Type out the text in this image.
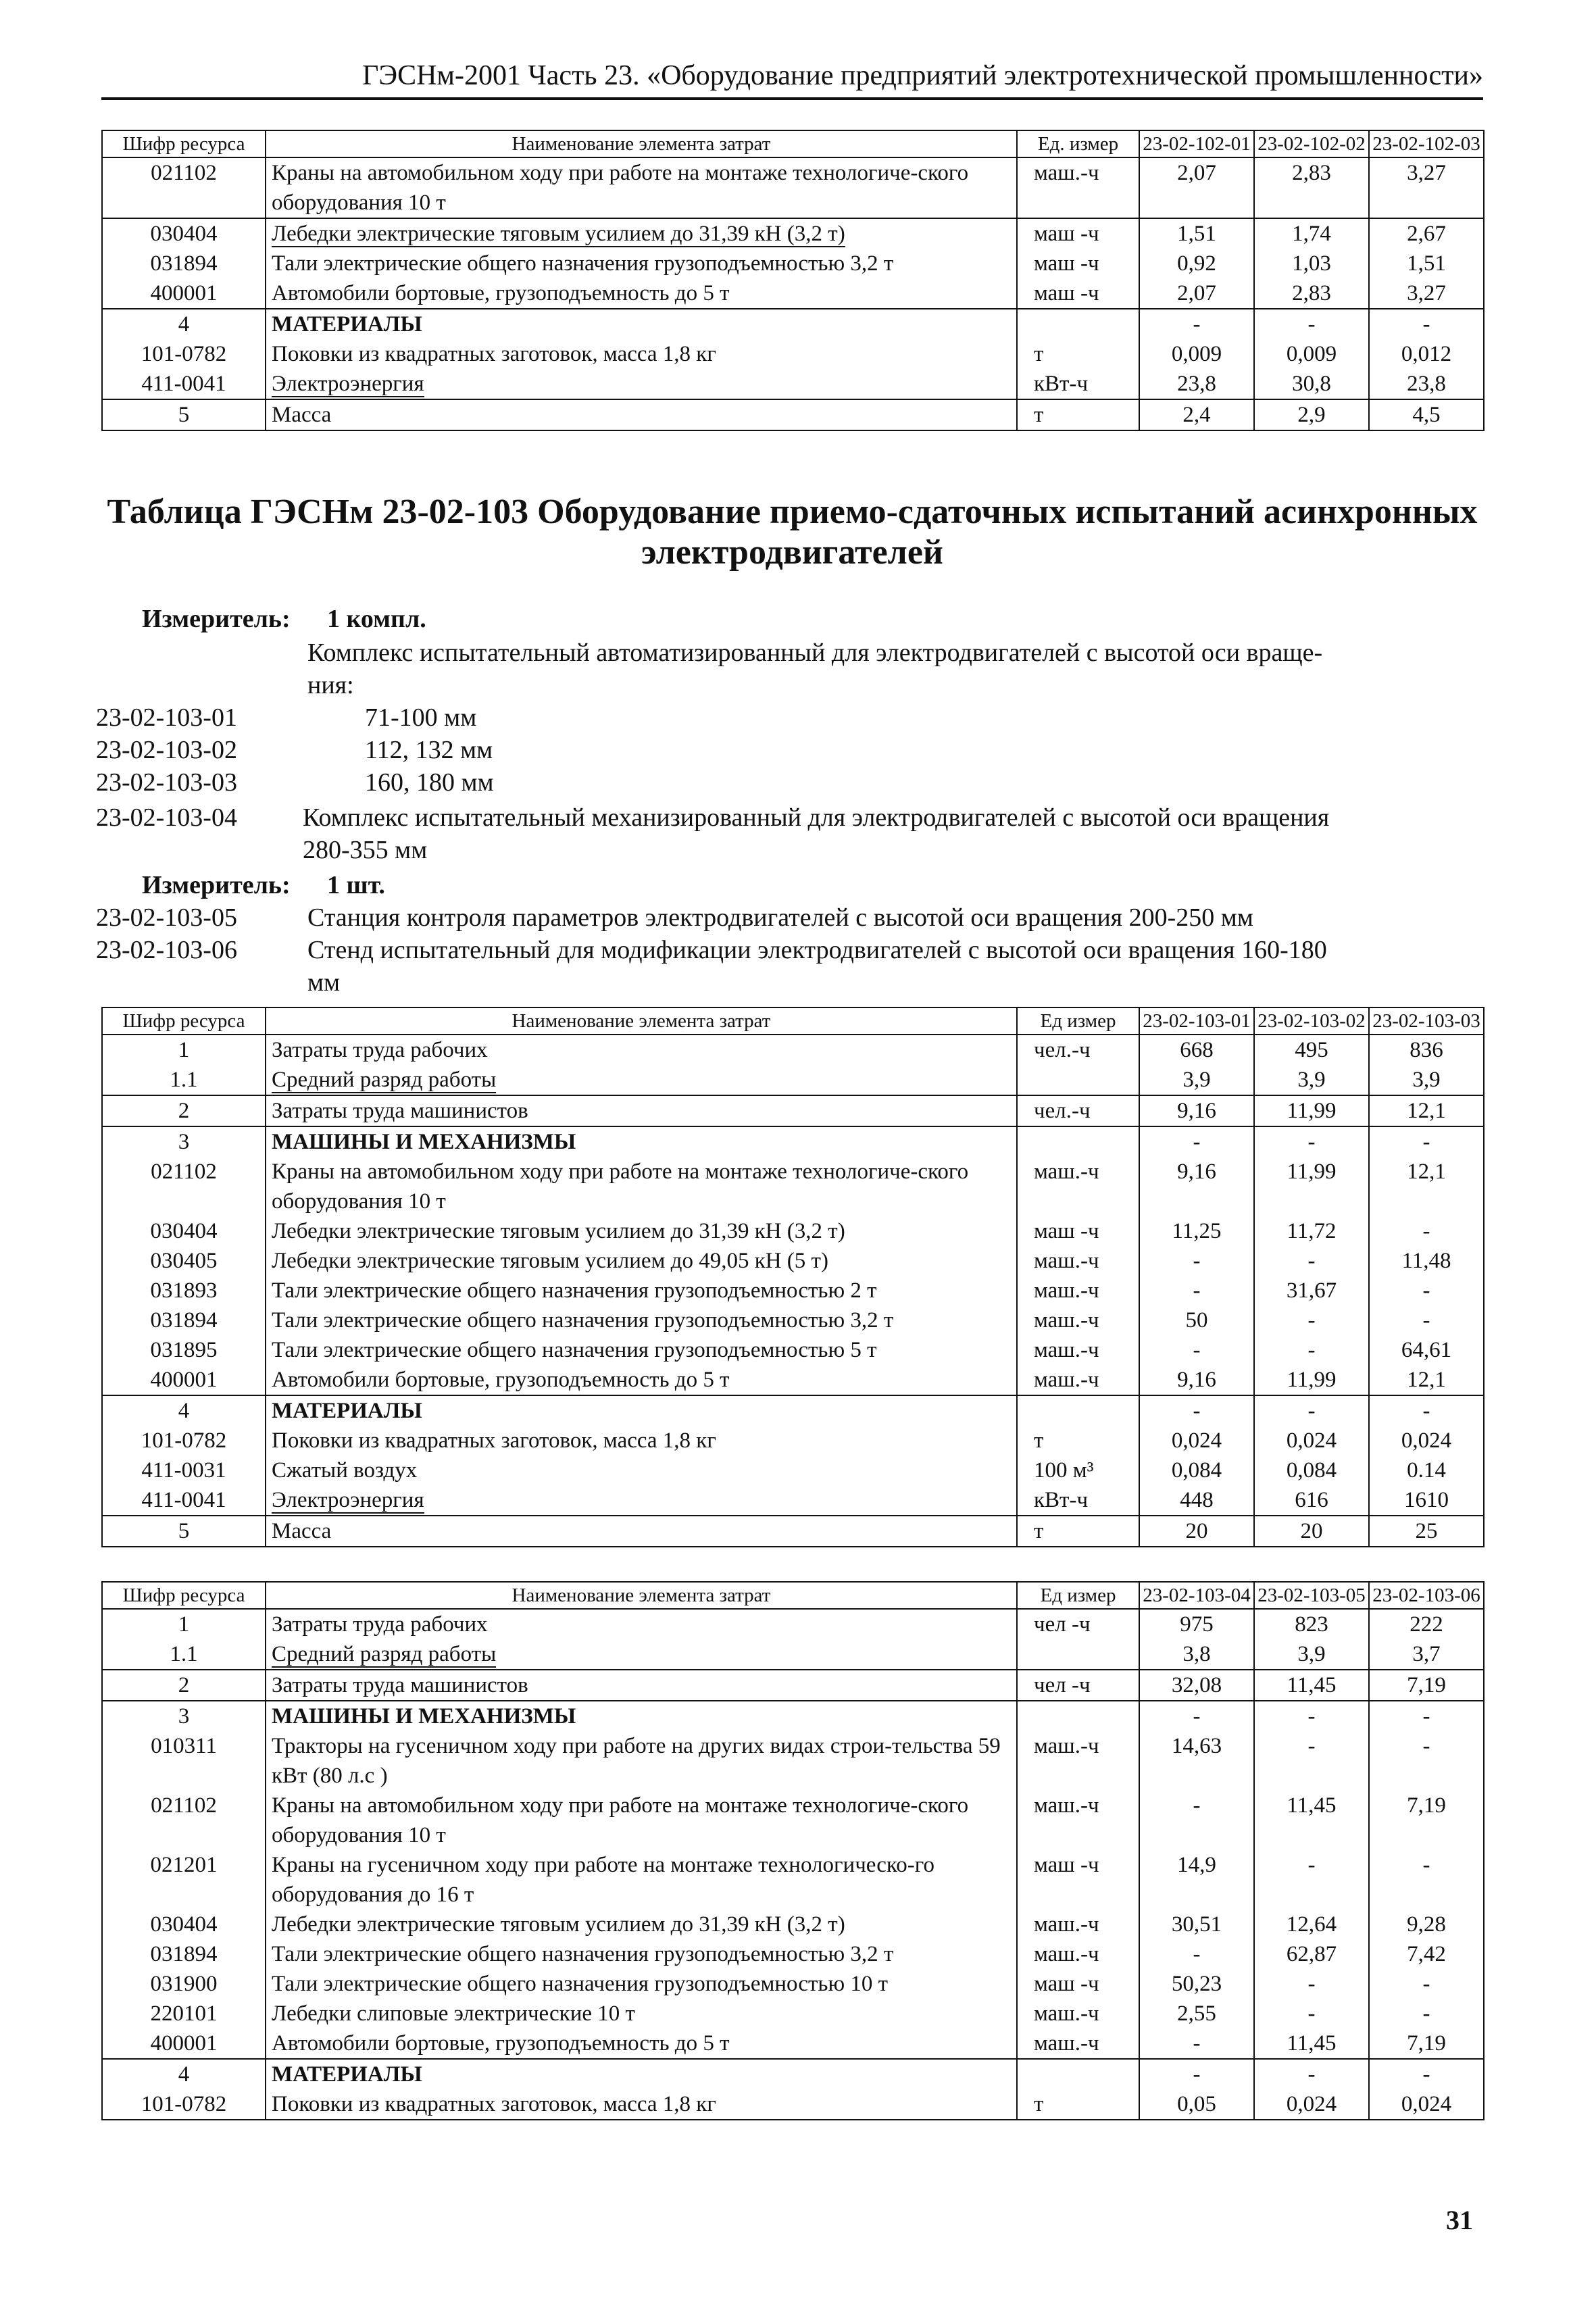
ГЭСНм-2001 Часть 23. «Оборудование предприятий электротехнической промышленности»
Шифр ресурса	Наименование элемента затрат	Ед. измер	23-02-102-01	23-02-102-02	23-02-102-03
021102	Краны на автомобильном ходу при работе на монтаже технологиче-ского оборудования 10 т	маш.-ч	2,07	2,83	3,27
030404	Лебедки электрические тяговым усилием до 31,39 кН (3,2 т)	маш -ч	1,51	1,74	2,67
031894	Тали электрические общего назначения грузоподъемностью 3,2 т	маш -ч	0,92	1,03	1,51
400001	Автомобили бортовые, грузоподъемность до 5 т	маш -ч	2,07	2,83	3,27
4	МАТЕРИАЛЫ		-	-	-
101-0782	Поковки из квадратных заготовок, масса 1,8 кг	т	0,009	0,009	0,012
411-0041	Электроэнергия	кВт-ч	23,8	30,8	23,8
5	Масса	т	2,4	2,9	4,5
Таблица ГЭСНм 23-02-103 Оборудование приемо-сдаточных испытаний асинхронных
электродвигателей
Измеритель: 1 компл.
Комплекс испытательный автоматизированный для электродвигателей с высотой оси враще-
ния:
23-02-103-01	71-100 мм
23-02-103-02	112, 132 мм
23-02-103-03	160, 180 мм
23-02-103-04	Комплекс испытательный механизированный для электродвигателей с высотой оси вращения
280-355 мм
Измеритель: 1 шт.
23-02-103-05	Станция контроля параметров электродвигателей с высотой оси вращения 200-250 мм
23-02-103-06	Стенд испытательный для модификации электродвигателей с высотой оси вращения 160-180
мм
Шифр ресурса	Наименование элемента затрат	Ед измер	23-02-103-01	23-02-103-02	23-02-103-03
1	Затраты труда рабочих	чел.-ч	668	495	836
1.1	Средний разряд работы		3,9	3,9	3,9
2	Затраты труда машинистов	чел.-ч	9,16	11,99	12,1
3	МАШИНЫ И МЕХАНИЗМЫ		-	-	-
021102	Краны на автомобильном ходу при работе на монтаже технологиче-ского оборудования 10 т	маш.-ч	9,16	11,99	12,1
030404	Лебедки электрические тяговым усилием до 31,39 кН (3,2 т)	маш -ч	11,25	11,72	-
030405	Лебедки электрические тяговым усилием до 49,05 кН (5 т)	маш.-ч	-	-	11,48
031893	Тали электрические общего назначения грузоподъемностью 2 т	маш.-ч	-	31,67	-
031894	Тали электрические общего назначения грузоподъемностью 3,2 т	маш.-ч	50	-	-
031895	Тали электрические общего назначения грузоподъемностью 5 т	маш.-ч	-	-	64,61
400001	Автомобили бортовые, грузоподъемность до 5 т	маш.-ч	9,16	11,99	12,1
4	МАТЕРИАЛЫ		-	-	-
101-0782	Поковки из квадратных заготовок, масса 1,8 кг	т	0,024	0,024	0,024
411-0031	Сжатый воздух	100 м³	0,084	0,084	0.14
411-0041	Электроэнергия	кВт-ч	448	616	1610
5	Масса	т	20	20	25
Шифр ресурса	Наименование элемента затрат	Ед измер	23-02-103-04	23-02-103-05	23-02-103-06
1	Затраты труда рабочих	чел -ч	975	823	222
1.1	Средний разряд работы		3,8	3,9	3,7
2	Затраты труда машинистов	чел -ч	32,08	11,45	7,19
3	МАШИНЫ И МЕХАНИЗМЫ		-	-	-
010311	Тракторы на гусеничном ходу при работе на других видах строи-тельства 59 кВт (80 л.с )	маш.-ч	14,63	-	-
021102	Краны на автомобильном ходу при работе на монтаже технологиче-ского оборудования 10 т	маш.-ч	-	11,45	7,19
021201	Краны на гусеничном ходу при работе на монтаже технологическо-го оборудования до 16 т	маш -ч	14,9	-	-
030404	Лебедки электрические тяговым усилием до 31,39 кН (3,2 т)	маш.-ч	30,51	12,64	9,28
031894	Тали электрические общего назначения грузоподъемностью 3,2 т	маш.-ч	-	62,87	7,42
031900	Тали электрические общего назначения грузоподъемностью 10 т	маш -ч	50,23	-	-
220101	Лебедки слиповые электрические 10 т	маш.-ч	2,55	-	-
400001	Автомобили бортовые, грузоподъемность до 5 т	маш.-ч	-	11,45	7,19
4	МАТЕРИАЛЫ		-	-	-
101-0782	Поковки из квадратных заготовок, масса 1,8 кг	т	0,05	0,024	0,024
31
